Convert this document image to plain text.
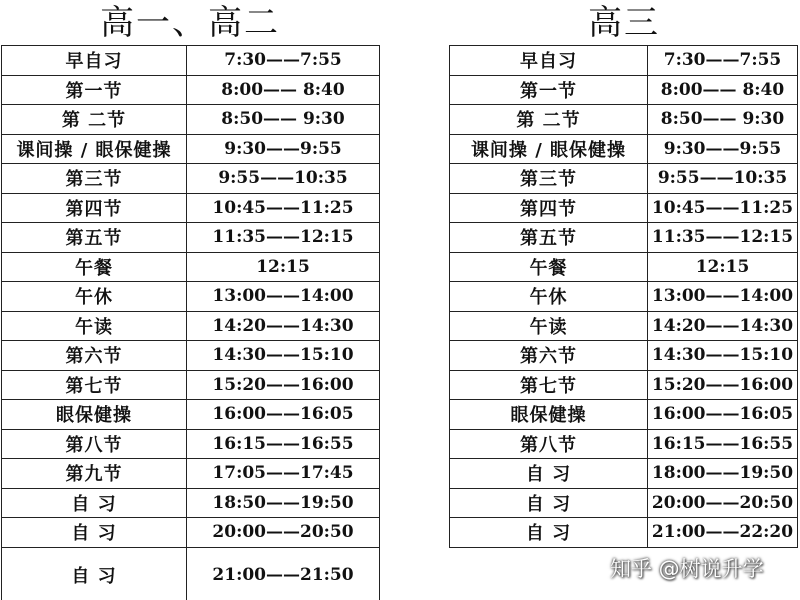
高一、高二	高三
早自习	7:30——7:55
第一节	8:00—— 8:40
第 二节	8:50—— 9:30
课间操 / 眼保健操	9:30——9:55
第三节	9:55——10:35
第四节	10:45——11:25
第五节	11:35——12:15
午餐	12:15
午休	13:00——14:00
午读	14:20——14:30
第六节	14:30——15:10
第七节	15:20——16:00
眼保健操	16:00——16:05
第八节	16:15——16:55
第九节	17:05——17:45
自 习	18:50——19:50
自 习	20:00——20:50
自 习	21:00——21:50
早自习	7:30——7:55
第一节	8:00—— 8:40
第 二节	8:50—— 9:30
课间操 / 眼保健操	9:30——9:55
第三节	9:55——10:35
第四节	10:45——11:25
第五节	11:35——12:15
午餐	12:15
午休	13:00——14:00
午读	14:20——14:30
第六节	14:30——15:10
第七节	15:20——16:00
眼保健操	16:00——16:05
第八节	16:15——16:55
自 习	18:00——19:50
自 习	20:00——20:50
自 习	21:00——22:20
知乎 @树说升学
